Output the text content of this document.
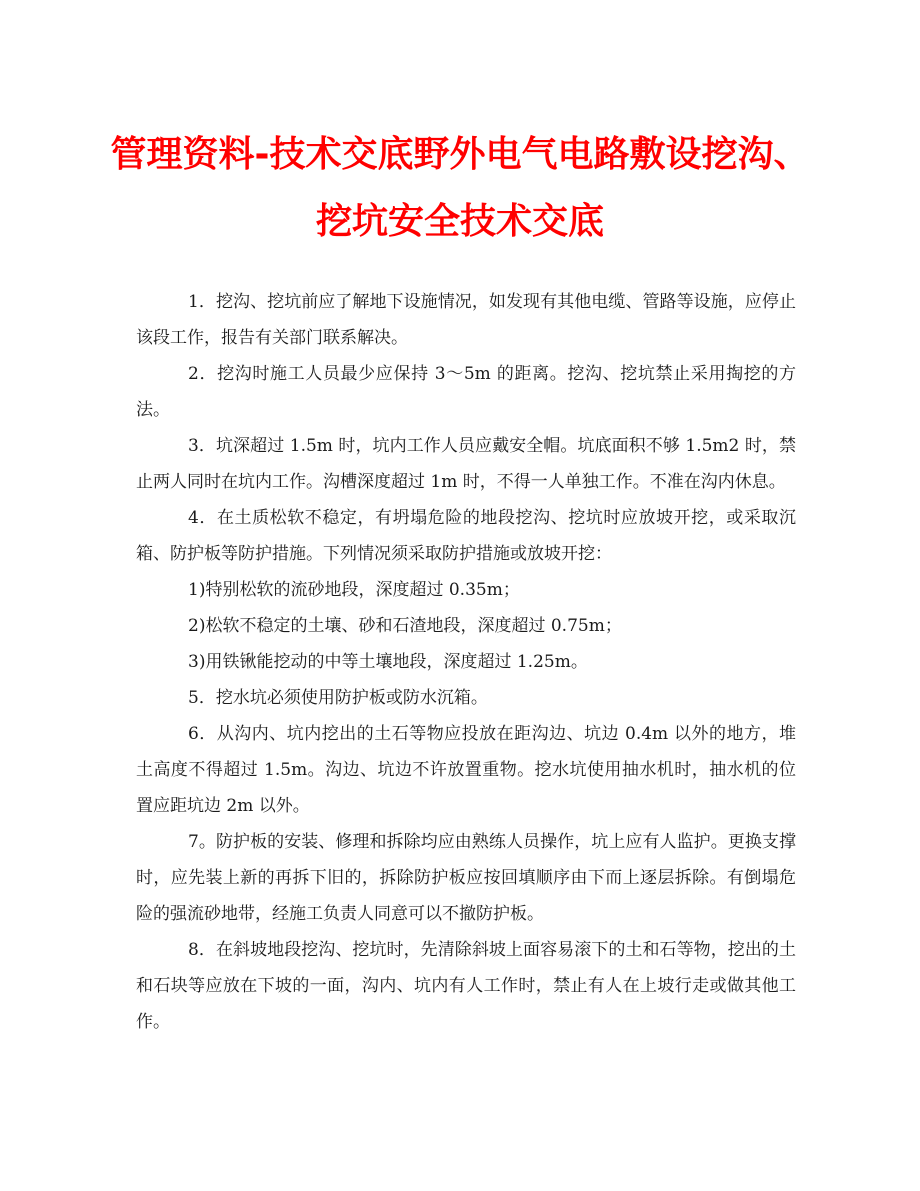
管理资料-技术交底野外电气电路敷设挖沟、
挖坑安全技术交底

1．挖沟、挖坑前应了解地下设施情况，如发现有其他电缆、管路等设施，应停止该段工作，报告有关部门联系解决。

2．挖沟时施工人员最少应保持 3～5m 的距离。挖沟、挖坑禁止采用掏挖的方法。

3．坑深超过 1.5m 时，坑内工作人员应戴安全帽。坑底面积不够 1.5m2 时，禁止两人同时在坑内工作。沟槽深度超过 1m 时，不得一人单独工作。不准在沟内休息。

4．在土质松软不稳定，有坍塌危险的地段挖沟、挖坑时应放坡开挖，或采取沉箱、防护板等防护措施。下列情况须采取防护措施或放坡开挖：

1)特别松软的流砂地段，深度超过 0.35m；

2)松软不稳定的土壤、砂和石渣地段，深度超过 0.75m；

3)用铁锹能挖动的中等土壤地段，深度超过 1.25m。

5．挖水坑必须使用防护板或防水沉箱。

6．从沟内、坑内挖出的土石等物应投放在距沟边、坑边 0.4m 以外的地方，堆土高度不得超过 1.5m。沟边、坑边不许放置重物。挖水坑使用抽水机时，抽水机的位置应距坑边 2m 以外。

7。防护板的安装、修理和拆除均应由熟练人员操作，坑上应有人监护。更换支撑时，应先装上新的再拆下旧的，拆除防护板应按回填顺序由下而上逐层拆除。有倒塌危险的强流砂地带，经施工负责人同意可以不撤防护板。

8．在斜坡地段挖沟、挖坑时，先清除斜坡上面容易滚下的土和石等物，挖出的土和石块等应放在下坡的一面，沟内、坑内有人工作时，禁止有人在上坡行走或做其他工作。
